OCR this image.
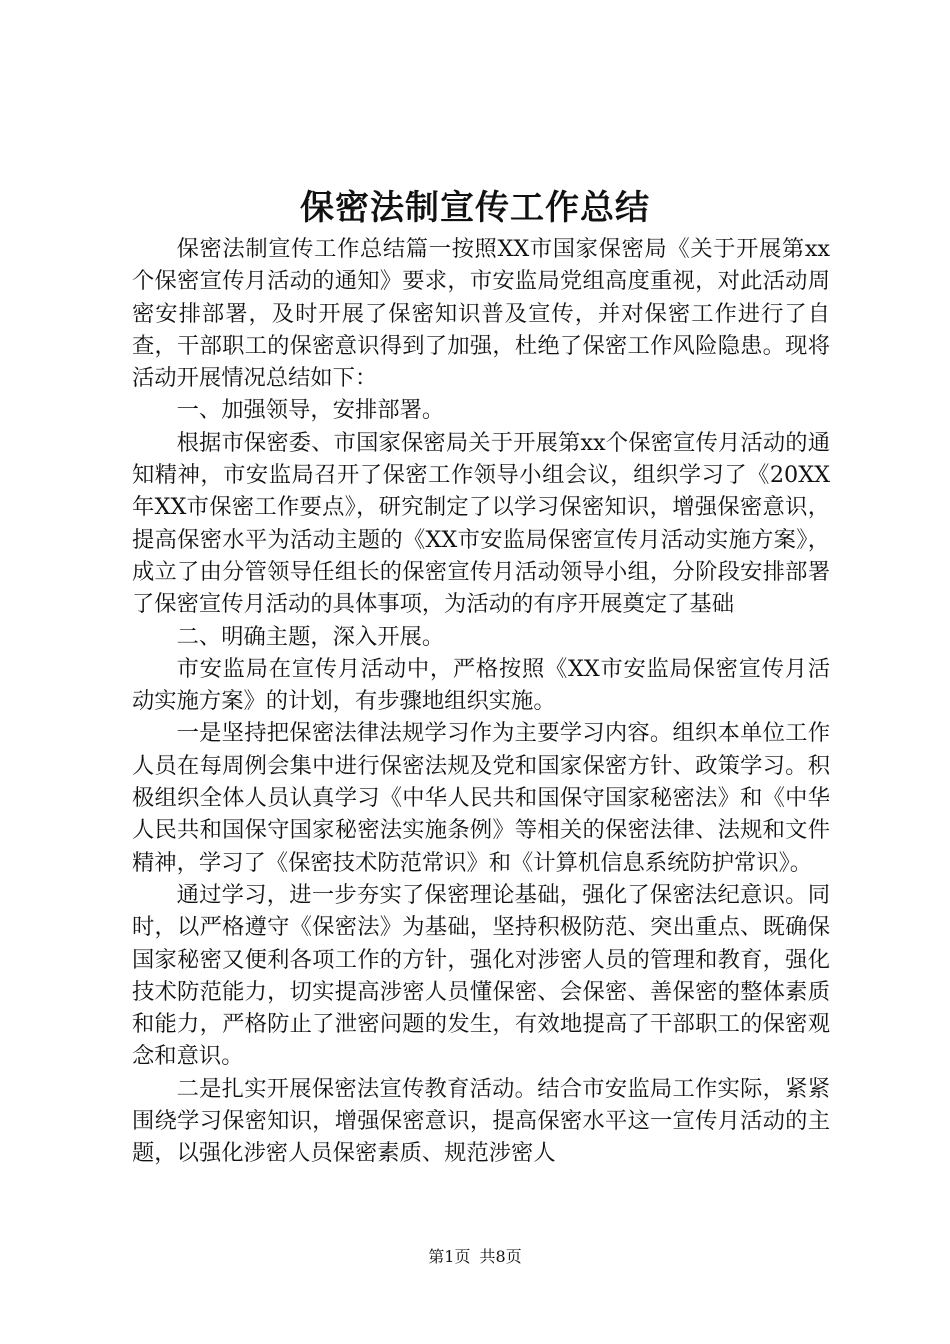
保密法制宣传工作总结

保密法制宣传工作总结篇一按照XX市国家保密局《关于开展第xx个保密宣传月活动的通知》要求，市安监局党组高度重视，对此活动周密安排部署，及时开展了保密知识普及宣传，并对保密工作进行了自查，干部职工的保密意识得到了加强，杜绝了保密工作风险隐患。现将活动开展情况总结如下：

一、加强领导，安排部署。

根据市保密委、市国家保密局关于开展第xx个保密宣传月活动的通知精神，市安监局召开了保密工作领导小组会议，组织学习了《20XX年XX市保密工作要点》，研究制定了以学习保密知识，增强保密意识，提高保密水平为活动主题的《XX市安监局保密宣传月活动实施方案》，成立了由分管领导任组长的保密宣传月活动领导小组，分阶段安排部署了保密宣传月活动的具体事项，为活动的有序开展奠定了基础

二、明确主题，深入开展。

市安监局在宣传月活动中，严格按照《XX市安监局保密宣传月活动实施方案》的计划，有步骤地组织实施。

一是坚持把保密法律法规学习作为主要学习内容。组织本单位工作人员在每周例会集中进行保密法规及党和国家保密方针、政策学习。积极组织全体人员认真学习《中华人民共和国保守国家秘密法》和《中华人民共和国保守国家秘密法实施条例》等相关的保密法律、法规和文件精神，学习了《保密技术防范常识》和《计算机信息系统防护常识》。

通过学习，进一步夯实了保密理论基础，强化了保密法纪意识。同时，以严格遵守《保密法》为基础，坚持积极防范、突出重点、既确保国家秘密又便利各项工作的方针，强化对涉密人员的管理和教育，强化技术防范能力，切实提高涉密人员懂保密、会保密、善保密的整体素质和能力，严格防止了泄密问题的发生，有效地提高了干部职工的保密观念和意识。

二是扎实开展保密法宣传教育活动。结合市安监局工作实际，紧紧围绕学习保密知识，增强保密意识，提高保密水平这一宣传月活动的主题，以强化涉密人员保密素质、规范涉密人

第1页 共8页
